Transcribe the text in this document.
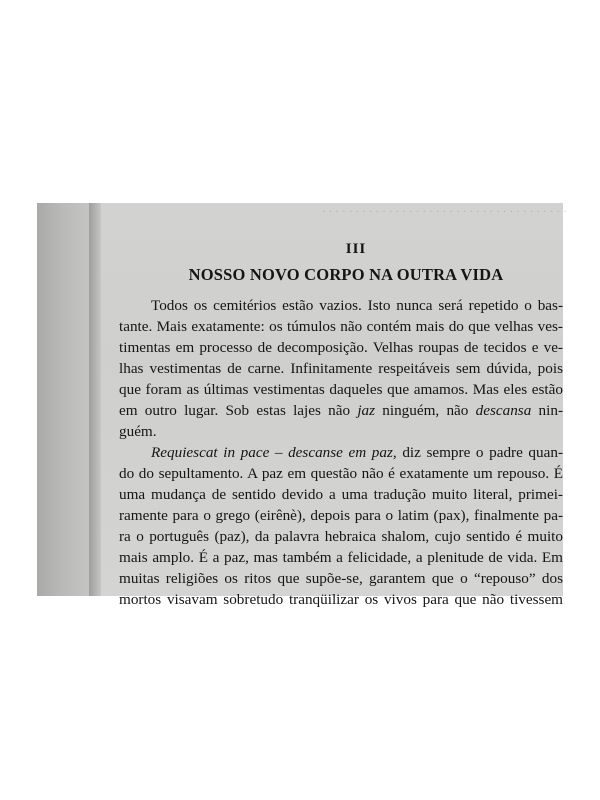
· · · · · · · · · · · · · · · · · · · · · · · · · · · · · · · · · · · · ·
III
NOSSO NOVO CORPO NA OUTRA VIDA
Todos os cemitérios estão vazios. Isto nunca será repetido o bas-
tante. Mais exatamente: os túmulos não contém mais do que velhas ves-
timentas em processo de decomposição. Velhas roupas de tecidos e ve-
lhas vestimentas de carne. Infinitamente respeitáveis sem dúvida, pois
que foram as últimas vestimentas daqueles que amamos. Mas eles estão
em outro lugar. Sob estas lajes não jaz ninguém, não descansa nin-
guém.
Requiescat in pace – descanse em paz, diz sempre o padre quan-
do do sepultamento. A paz em questão não é exatamente um repouso. É
uma mudança de sentido devido a uma tradução muito literal, primei-
ramente para o grego (eirênè), depois para o latim (pax), finalmente pa-
ra o português (paz), da palavra hebraica shalom, cujo sentido é muito
mais amplo. É a paz, mas também a felicidade, a plenitude de vida. Em
muitas religiões os ritos que supõe-se, garantem que o “repouso” dos
mortos visavam sobretudo tranqüilizar os vivos para que não tivessem
